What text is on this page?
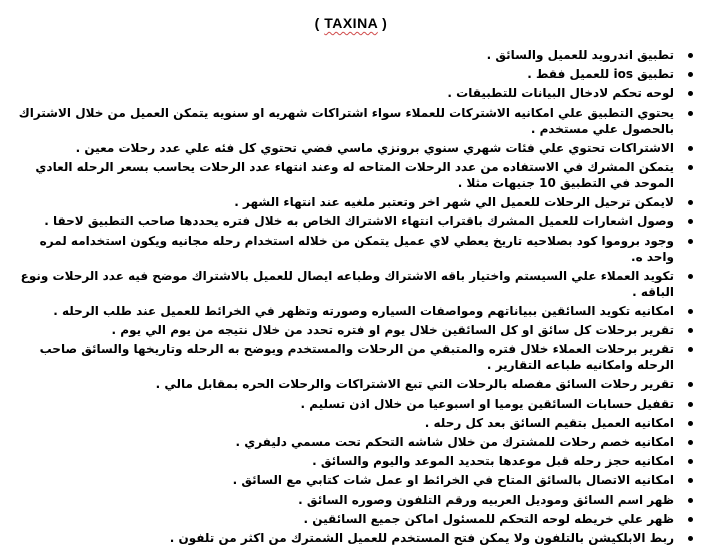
( TAXINA )
تطبيق اندرويد للعميل والسائق .
تطبيق ios للعميل فقط .
لوحه تحكم لادخال البيانات للتطبيقات .
يحتوي التطبيق علي امكانيه الاشتركات للعملاء سواء اشتراكات شهريه او سنويه يتمكن العميل من خلال الاشتراك بالحصول علي مستخدم .
الاشتراكات تحتوي علي فئات شهري سنوي برونزي ماسي فضي تحتوي كل فئه علي عدد رحلات معين .
يتمكن المشرك في الاستفاده من عدد الرحلات المتاحه له وعند انتهاء عدد الرحلات يحاسب بسعر الرحله العادي الموحد في التطبيق 10 جنيهات مثلا .
لايمكن ترحيل الرحلات للعميل الي شهر اخر وتعتبر ملغيه عند انتهاء الشهر .
وصول اشعارات للعميل المشرك باقتراب انتهاء الاشتراك الخاص به خلال فتره يحددها صاحب التطبيق لاحقا .
وجود بروموا كود بصلاحيه تاريخ يعطي لاي عميل يتمكن من خلاله استخدام رحله مجانيه ويكون استخدامه لمره واحد ه.
تكويد العملاء علي السيستم واختيار باقه الاشتراك وطباعه ايصال للعميل بالاشتراك موضح فيه عدد الرحلات ونوع الباقه .
امكانيه تكويد السائقين ببياناتهم ومواصفات السياره وصورته وتظهر في الخرائط للعميل عند طلب الرحله .
تقرير برحلات كل سائق او كل السائقين خلال يوم او فتره تحدد من خلال نتيجه من يوم الي يوم .
تقرير برحلات العملاء خلال فتره والمتبقي من الرحلات والمستخدم ويوضح به الرحله وتاريخها والسائق صاحب الرحله وامكانيه طباعه التقارير .
تقرير رحلات السائق مفصله بالرحلات التي تبع الاشتراكات والرحلات الحره بمقابل مالي .
تقفيل حسابات السائقين يوميا او اسبوعيا من خلال اذن تسليم .
امكانيه العميل بتقيم السائق بعد كل رحله .
امكانيه خصم رحلات للمشترك من خلال شاشه التحكم تحت مسمي دليفري .
امكانيه حجز رحله قبل موعدها بتحديد الموعد واليوم والسائق .
امكانيه الاتصال بالسائق المتاح في الخرائط او عمل شات كتابي مع السائق .
ظهر اسم السائق وموديل العربيه ورقم التلفون وصوره السائق .
ظهر علي خريطه لوحه التحكم للمسئول اماكن جميع السائقين .
ربط الابلكيشن بالتلفون ولا يمكن فتح المستخدم للعميل الشمترك من اكثر من تلفون .
